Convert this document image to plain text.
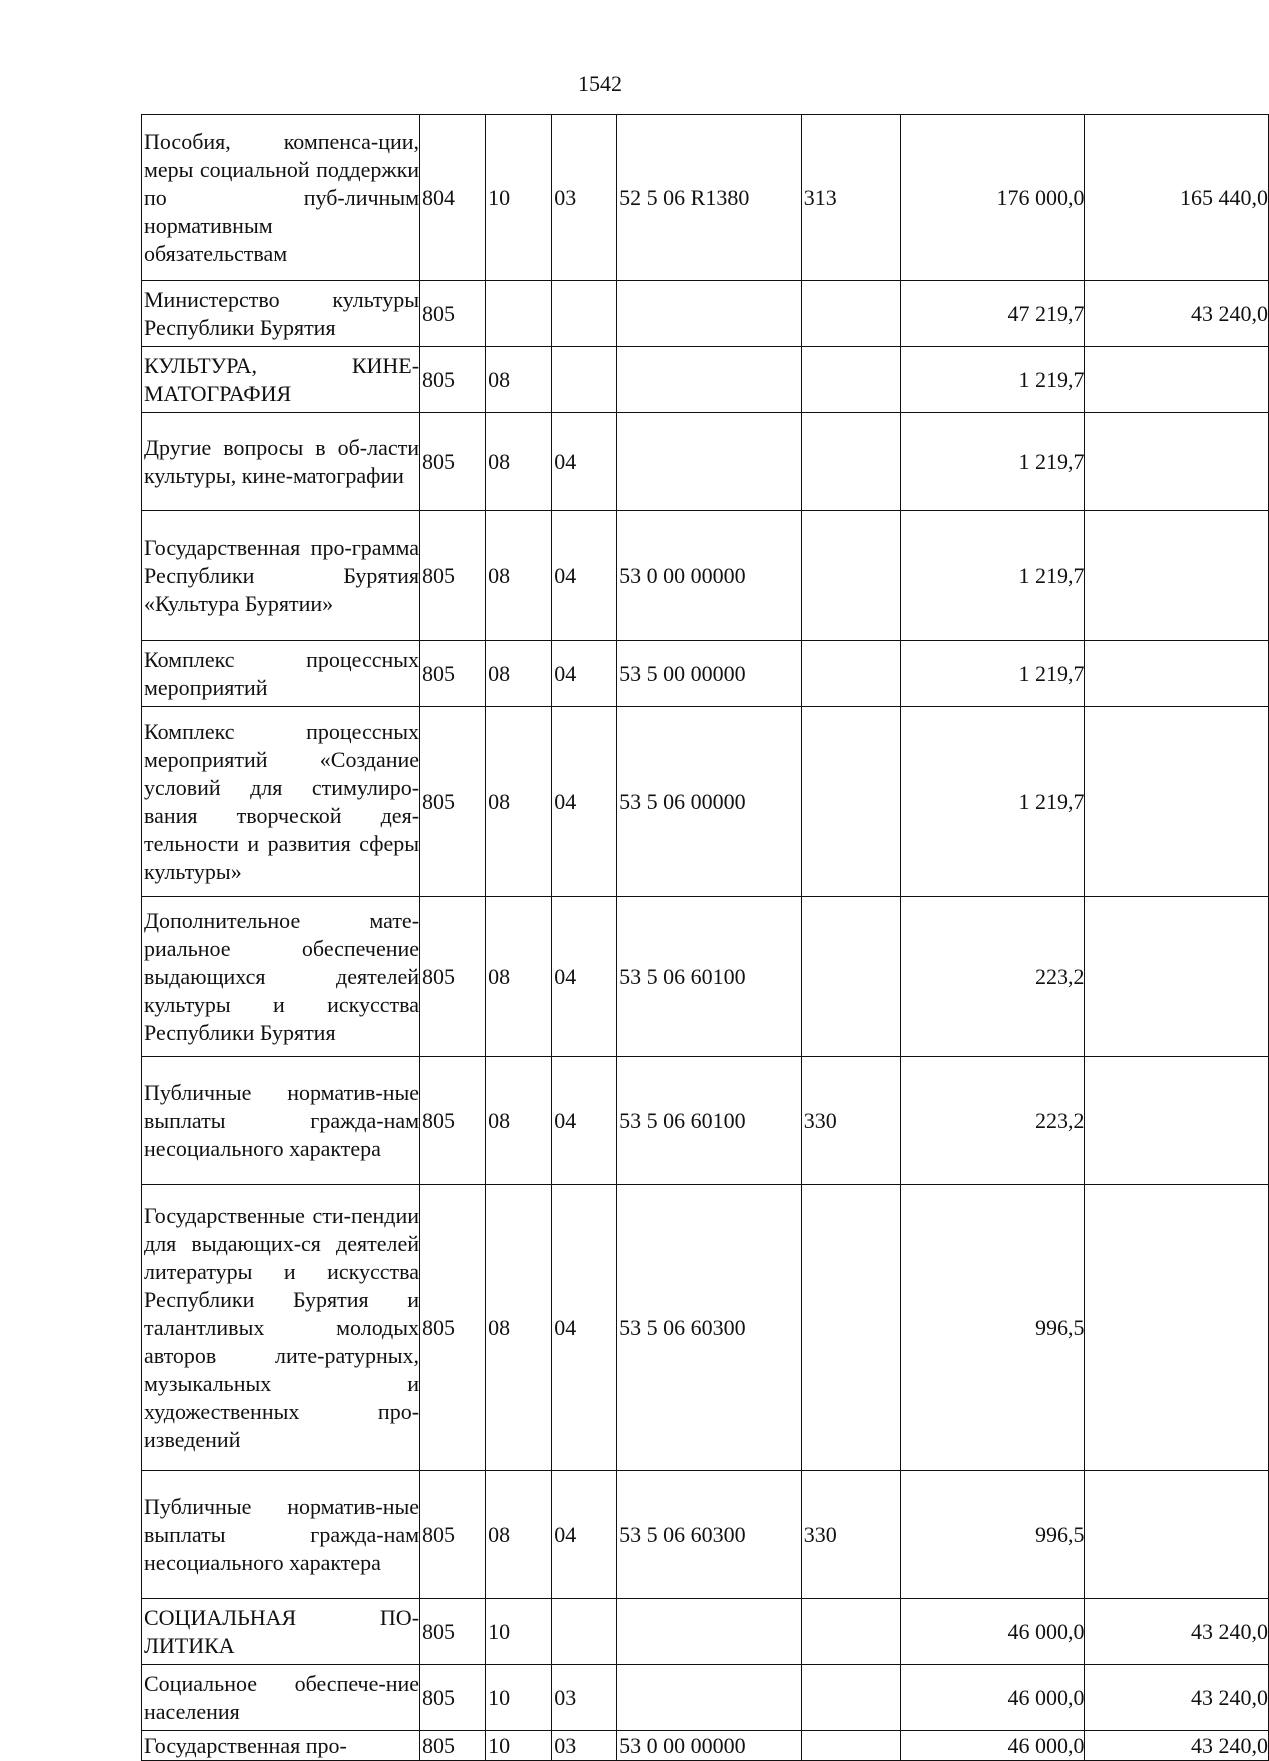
1542
Пособия, компенса-ции, меры социальной поддержки по пуб-личным нормативным обязательствам	804	10	03	52 5 06 R1380	313	176 000,0	165 440,0
Министерство культуры Республики Бурятия	805					47 219,7	43 240,0
КУЛЬТУРА, КИНЕ-МАТОГРАФИЯ	805	08				1 219,7	
Другие вопросы в об-ласти культуры, кине-матографии	805	08	04			1 219,7	
Государственная про-грамма Республики Бурятия «Культура Бурятии»	805	08	04	53 0 00 00000		1 219,7	
Комплекс процессных мероприятий	805	08	04	53 5 00 00000		1 219,7	
Комплекс процессных мероприятий «Создание условий для стимулиро-вания творческой дея-тельности и развития сферы культуры»	805	08	04	53 5 06 00000		1 219,7	
Дополнительное мате-риальное обеспечение выдающихся деятелей культуры и искусства Республики Бурятия	805	08	04	53 5 06 60100		223,2	
Публичные норматив-ные выплаты гражда-нам несоциального характера	805	08	04	53 5 06 60100	330	223,2	
Государственные сти-пендии для выдающих-ся деятелей литературы и искусства Республики Бурятия и талантливых молодых авторов лите-ратурных, музыкальных и художественных про-изведений	805	08	04	53 5 06 60300		996,5	
Публичные норматив-ные выплаты гражда-нам несоциального характера	805	08	04	53 5 06 60300	330	996,5	
СОЦИАЛЬНАЯ ПО-ЛИТИКА	805	10				46 000,0	43 240,0
Социальное обеспече-ние населения	805	10	03			46 000,0	43 240,0
Государственная про-	805	10	03	53 0 00 00000		46 000,0	43 240,0
